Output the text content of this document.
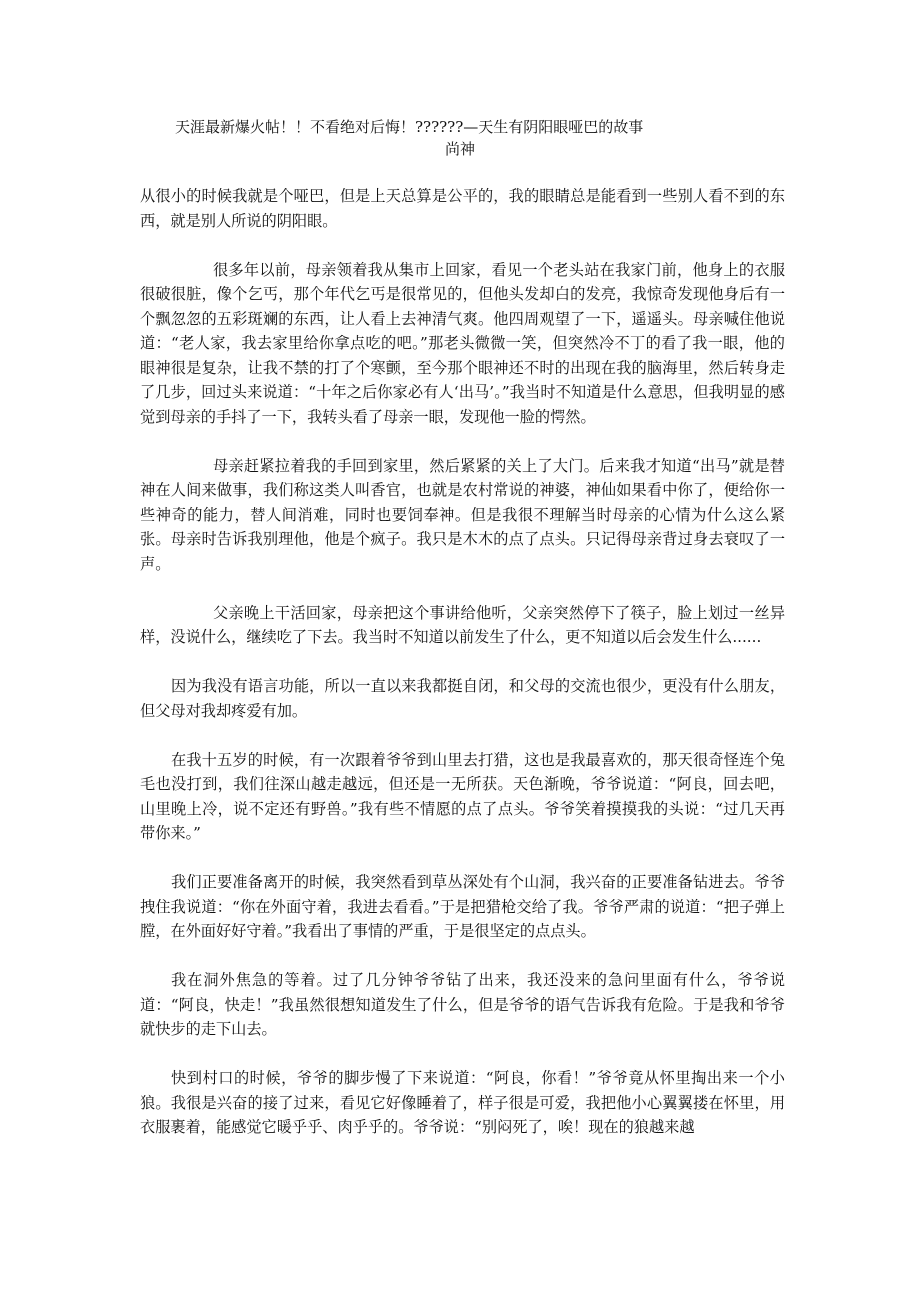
天涯最新爆火帖！！不看绝对后悔！??????—天生有阴阳眼哑巴的故事

尚神

从很小的时候我就是个哑巴，但是上天总算是公平的，我的眼睛总是能看到一些别人看不到的东西，就是别人所说的阴阳眼。

很多年以前，母亲领着我从集市上回家，看见一个老头站在我家门前，他身上的衣服很破很脏，像个乞丐，那个年代乞丐是很常见的，但他头发却白的发亮，我惊奇发现他身后有一个飘忽忽的五彩斑斓的东西，让人看上去神清气爽。他四周观望了一下，遥遥头。母亲喊住他说道：“老人家，我去家里给你拿点吃的吧。”那老头微微一笑，但突然冷不丁的看了我一眼，他的眼神很是复杂，让我不禁的打了个寒颤，至今那个眼神还不时的出现在我的脑海里，然后转身走了几步，回过头来说道：“十年之后你家必有人‘出马’。”我当时不知道是什么意思，但我明显的感觉到母亲的手抖了一下，我转头看了母亲一眼，发现他一脸的愕然。

母亲赶紧拉着我的手回到家里，然后紧紧的关上了大门。后来我才知道“出马”就是替神在人间来做事，我们称这类人叫香官，也就是农村常说的神婆，神仙如果看中你了，便给你一些神奇的能力，替人间消难，同时也要饲奉神。但是我很不理解当时母亲的心情为什么这么紧张。母亲时告诉我别理他，他是个疯子。我只是木木的点了点头。只记得母亲背过身去衰叹了一声。

父亲晚上干活回家，母亲把这个事讲给他听，父亲突然停下了筷子，脸上划过一丝异样，没说什么，继续吃了下去。我当时不知道以前发生了什么，更不知道以后会发生什么......

因为我没有语言功能，所以一直以来我都挺自闭，和父母的交流也很少，更没有什么朋友，但父母对我却疼爱有加。

在我十五岁的时候，有一次跟着爷爷到山里去打猎，这也是我最喜欢的，那天很奇怪连个兔毛也没打到，我们往深山越走越远，但还是一无所获。天色渐晚，爷爷说道：“阿良，回去吧，山里晚上冷，说不定还有野兽。”我有些不情愿的点了点头。爷爷笑着摸摸我的头说：“过几天再带你来。”

我们正要准备离开的时候，我突然看到草丛深处有个山洞，我兴奋的正要准备钻进去。爷爷拽住我说道：“你在外面守着，我进去看看。”于是把猎枪交给了我。爷爷严肃的说道：“把子弹上膛，在外面好好守着。”我看出了事情的严重，于是很坚定的点点头。

我在洞外焦急的等着。过了几分钟爷爷钻了出来，我还没来的急问里面有什么，爷爷说道：“阿良，快走！”我虽然很想知道发生了什么，但是爷爷的语气告诉我有危险。于是我和爷爷就快步的走下山去。

快到村口的时候，爷爷的脚步慢了下来说道：“阿良，你看！”爷爷竟从怀里掏出来一个小狼。我很是兴奋的接了过来，看见它好像睡着了，样子很是可爱，我把他小心翼翼搂在怀里，用衣服裹着，能感觉它暖乎乎、肉乎乎的。爷爷说：“别闷死了，唉！现在的狼越来越
